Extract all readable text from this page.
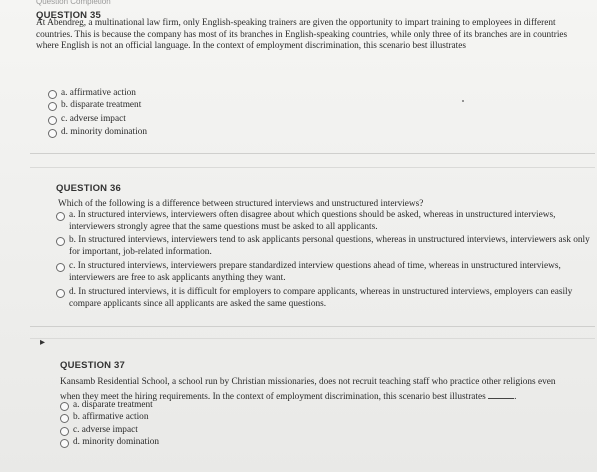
Question Completion
QUESTION 35
At Abendreg, a multinational law firm, only English-speaking trainers are given the opportunity to impart training to employees in different countries. This is because the company has most of its branches in English-speaking countries, while only three of its branches are in countries where English is not an official language. In the context of employment discrimination, this scenario best illustrates
a. affirmative action
b. disparate treatment
c. adverse impact
d. minority domination
QUESTION 36
Which of the following is a difference between structured interviews and unstructured interviews?
a. In structured interviews, interviewers often disagree about which questions should be asked, whereas in unstructured interviews, interviewers strongly agree that the same questions must be asked to all applicants.
b. In structured interviews, interviewers tend to ask applicants personal questions, whereas in unstructured interviews, interviewers ask only for important, job-related information.
c. In structured interviews, interviewers prepare standardized interview questions ahead of time, whereas in unstructured interviews, interviewers are free to ask applicants anything they want.
d. In structured interviews, it is difficult for employers to compare applicants, whereas in unstructured interviews, employers can easily compare applicants since all applicants are asked the same questions.
QUESTION 37
Kansamb Residential School, a school run by Christian missionaries, does not recruit teaching staff who practice other religions even
when they meet the hiring requirements. In the context of employment discrimination, this scenario best illustrates	.
a. disparate treatment
b. affirmative action
c. adverse impact
d. minority domination
▸
